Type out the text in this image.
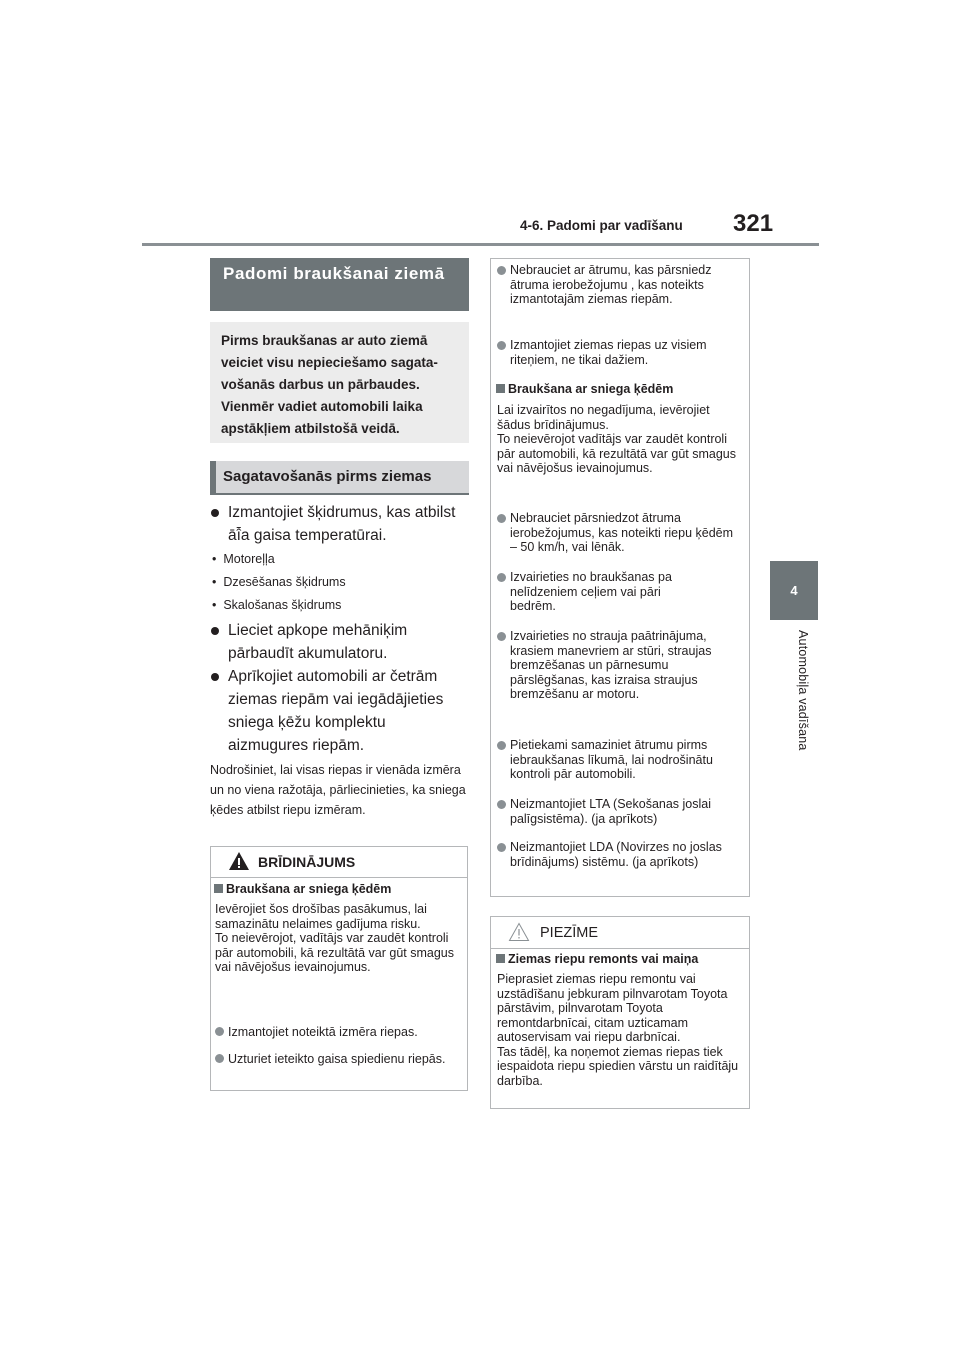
4-6. Padomi par vadīšanu 321
4
Automobiļa vadīšana
Padomi braukšanai ziemā

Pirms braukšanas ar auto ziemā veiciet visu nepieciešamo sagata-vošanās darbus un pārbaudes. Vienmēr vadiet automobili laika apstākļiem atbilstošā veidā.

Sagatavošanās pirms ziemas
Izmantojiet šķidrumus, kas atbilst āî̄a gaisa temperatūrai.
•  Motoreļļa
•  Dzesēšanas šķidrums
•  Skalošanas šķidrums
Lieciet apkope mehāniķim pārbaudīt akumulatoru.
Aprīkojiet automobili ar četrām ziemas riepām vai iegādājieties sniega ķēžu komplektu aizmugures riepām.
Nodrošiniet, lai visas riepas ir vienāda izmēra un no viena ražotāja, pārliecinieties, ka sniega ķēdes atbilst riepu izmēram.
BRĪDINĀJUMS
Braukšana ar sniega ķēdēm
Ievērojiet šos drošības pasākumus, lai samazinātu nelaimes gadījuma risku.
To neievērojot, vadītājs var zaudēt kontroli pār automobili, kā rezultātā var gūt smagus vai nāvējošus ievainojumus.
Izmantojiet noteiktā izmēra riepas.
Uzturiet ieteikto gaisa spiedienu riepās.
Nebrauciet ar ātrumu, kas pārsniedz ātruma ierobežojumu , kas noteikts izmantotajām ziemas riepām.
Izmantojiet ziemas riepas uz visiem riteņiem, ne tikai dažiem.
Braukšana ar sniega ķēdēm
Lai izvairītos no negadījuma, ievērojiet šādus brīdinājumus.
To neievērojot vadītājs var zaudēt kontroli pār automobili, kā rezultātā var gūt smagus vai nāvējošus ievainojumus.
Nebrauciet pārsniedzot ātruma ierobežojumus, kas noteikti riepu ķēdēm – 50 km/h, vai lēnāk.
Izvairieties no braukšanas pa nelīdzeniem ceļiem vai pāri bedrēm.
Izvairieties no strauja paātrinājuma, krasiem manevriem ar stūri, straujas bremzēšanas un pārnesumu pārslēgšanas, kas izraisa straujus bremzēšanu ar motoru.
Pietiekami samaziniet ātrumu pirms iebraukšanas līkumā, lai nodrošinātu kontroli pār automobili.
Neizmantojiet LTA (Sekošanas joslai palīgsistēma). (ja aprīkots)
Neizmantojiet LDA (Novirzes no joslas brīdinājums) sistēmu. (ja aprīkots)
PIEZĪME
Ziemas riepu remonts vai maiņa
Pieprasiet ziemas riepu remontu vai uzstādīšanu jebkuram pilnvarotam Toyota pārstāvim, pilnvarotam Toyota remontdarbnīcai, citam uzticamam autoservisam vai riepu darbnīcai.
Tas tādēļ, ka noņemot ziemas riepas tiek iespaidota riepu spiedien vārstu un raidītāju darbība.
